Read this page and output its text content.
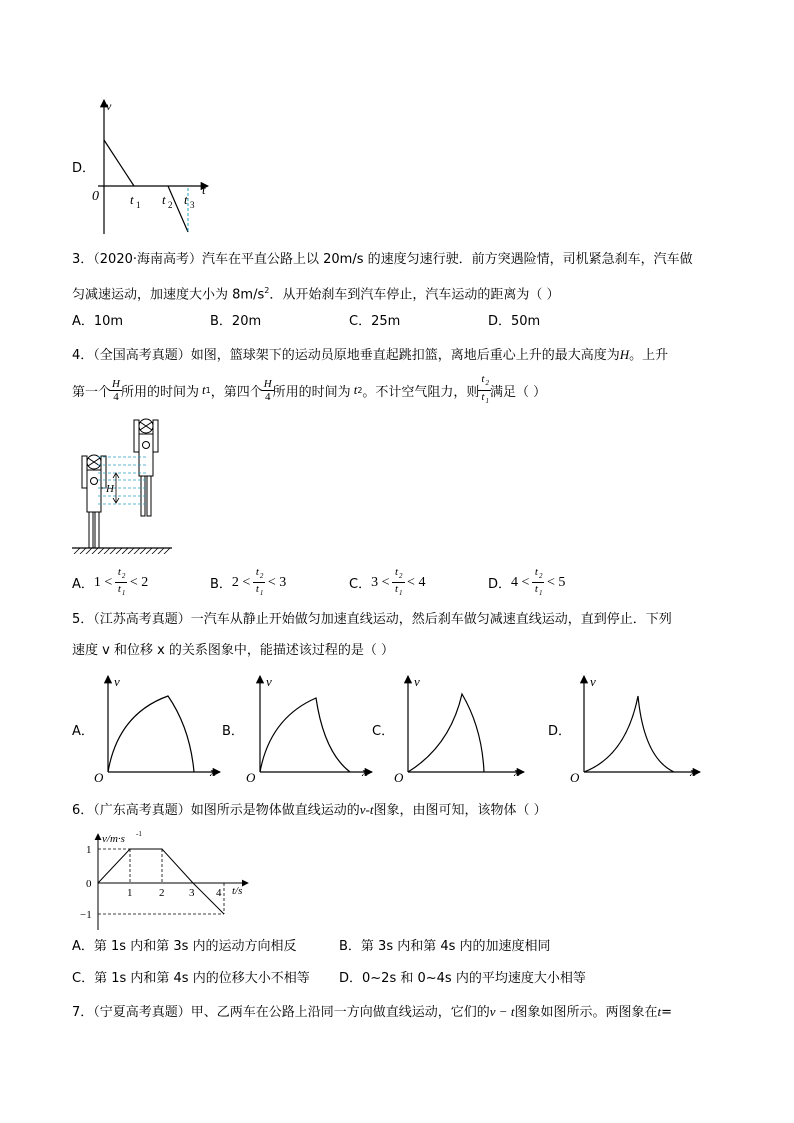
D．
v
t
0 t 1 t 2 t 3
3．（2020·海南高考）汽车在平直公路上以 20m/s 的速度匀速行驶．前方突遇险情，司机紧急刹车，汽车做
匀减速运动，加速度大小为 $8m/s^2$．从开始刹车到汽车停止，汽车运动的距离为（ ）
A．10m	B．20m	C．25m	D．50m
4．（全国高考真题）如图，篮球架下的运动员原地垂直起跳扣篮，离地后重心上升的最大高度为H。上升
第一个 $\frac{H}{4}$ 所用的时间为 t 1 ，第四个 $\frac{H}{4}$ 所用的时间为 t 2 。不计空气阻力，则 $\frac{t_2}{t_1}$ 满足（ ）
H
A． 1
<
$\frac{t_2}{t_1}$
<
2	B． 2
<
$\frac{t_2}{t_1}$
<
3	C． 3
<
$\frac{t_2}{t_1}$
<
4	D． 4
<
$\frac{t_2}{t_1}$
<
5
5．（江苏高考真题）一汽车从静止开始做匀加速直线运动，然后刹车做匀减速直线运动，直到停止．下列
速度 v 和位移 x 的关系图象中，能描述该过程的是（ ）
A．
v
x
O
B．
v
x
O
C．
v
x
O
D．
v
x
O
6．（广东高考真题）如图所示是物体做直线运动的v-t图象，由图可知，该物体（ ）
v/m·s -1
t/s
1
0
−1
1 2 3 4
A．第 1s 内和第 3s 内的运动方向相反	B．第 3s 内和第 4s 内的加速度相同
C．第 1s 内和第 4s 内的位移大小不相等 D．0~2s 和 0~4s 内的平均速度大小相等
7．（宁夏高考真题）甲、乙两车在公路上沿同一方向做直线运动，它们的v − t图象如图所示。两图象在t=
